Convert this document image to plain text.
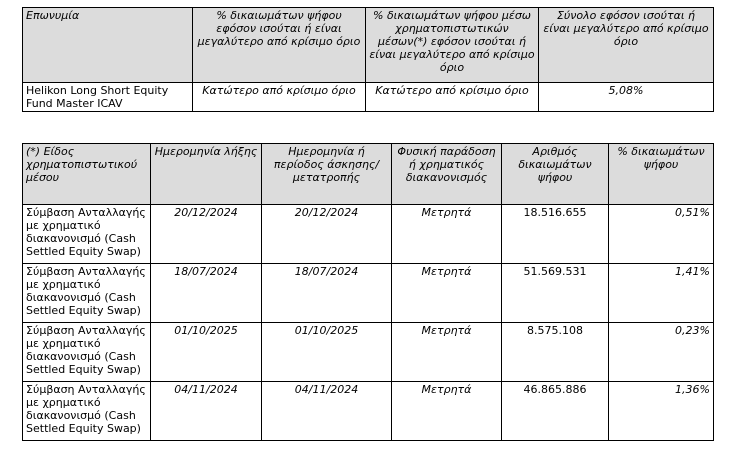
Επωνυμία	% δικαιωμάτων ψήφου εφόσον ισούται ή είναι μεγαλύτερο από κρίσιμο όριο	% δικαιωμάτων ψήφου μέσω χρηματοπιστωτικών μέσων(*) εφόσον ισούται ή είναι μεγαλύτερο από κρίσιμο όριο	Σύνολο εφόσον ισούται ή είναι μεγαλύτερο από κρίσιμο όριο
Helikon Long Short Equity Fund Master ICAV	Κατώτερο από κρίσιμο όριο	Κατώτερο από κρίσιμο όριο	5,08%
(*) Είδος χρηματοπιστωτικού μέσου	Ημερομηνία λήξης	Ημερομηνία ή περίοδος άσκησης/ μετατροπής	Φυσική παράδοση ή χρηματικός διακανονισμός	Αριθμός δικαιωμάτων ψήφου	% δικαιωμάτων ψήφου
Σύμβαση Ανταλλαγής με χρηματικό διακανονισμό (Cash Settled Equity Swap)	20/12/2024	20/12/2024	Μετρητά	18.516.655	0,51%
Σύμβαση Ανταλλαγής με χρηματικό διακανονισμό (Cash Settled Equity Swap)	18/07/2024	18/07/2024	Μετρητά	51.569.531	1,41%
Σύμβαση Ανταλλαγής με χρηματικό διακανονισμό (Cash Settled Equity Swap)	01/10/2025	01/10/2025	Μετρητά	8.575.108	0,23%
Σύμβαση Ανταλλαγής με χρηματικό διακανονισμό (Cash Settled Equity Swap)	04/11/2024	04/11/2024	Μετρητά	46.865.886	1,36%
